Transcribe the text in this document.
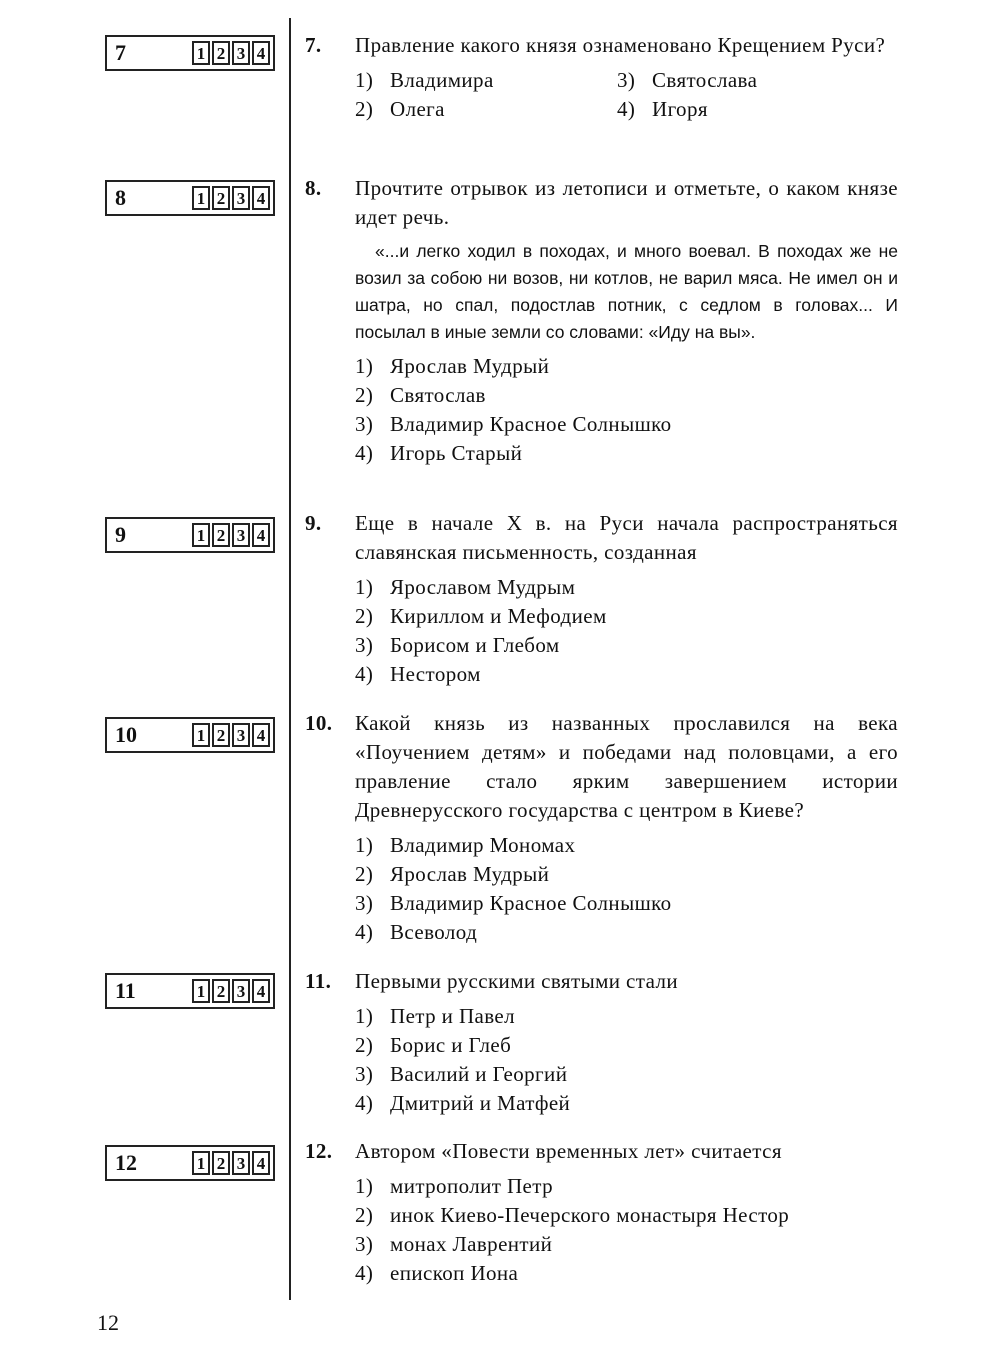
7	1 2 3 4
8	1 2 3 4
9	1 2 3 4
10	1 2 3 4
11	1 2 3 4
12	1 2 3 4
7. Правление какого князя ознаменовано Крещением Руси?
1) Владимира	3) Святослава
2) Олега	4) Игоря
8. Прочтите отрывок из летописи и отметьте, о каком князе идет речь.
«...и легко ходил в походах, и много воевал. В походах же не возил за собою ни возов, ни котлов, не варил мяса. Не имел он и шатра, но спал, подостлав потник, с седлом в головах... И посылал в иные земли со словами: «Иду на вы».
1) Ярослав Мудрый
2) Святослав
3) Владимир Красное Солнышко
4) Игорь Старый
9. Еще в начале X в. на Руси начала распространяться славянская письменность, созданная
1) Ярославом Мудрым
2) Кириллом и Мефодием
3) Борисом и Глебом
4) Нестором
10. Какой князь из названных прославился на века «Поучением детям» и победами над половцами, а его правление стало ярким завершением истории Древнерусского государства с центром в Киеве?
1) Владимир Мономах
2) Ярослав Мудрый
3) Владимир Красное Солнышко
4) Всеволод
11. Первыми русскими святыми стали
1) Петр и Павел
2) Борис и Глеб
3) Василий и Георгий
4) Дмитрий и Матфей
12. Автором «Повести временных лет» считается
1) митрополит Петр
2) инок Киево-Печерского монастыря Нестор
3) монах Лаврентий
4) епископ Иона
12
